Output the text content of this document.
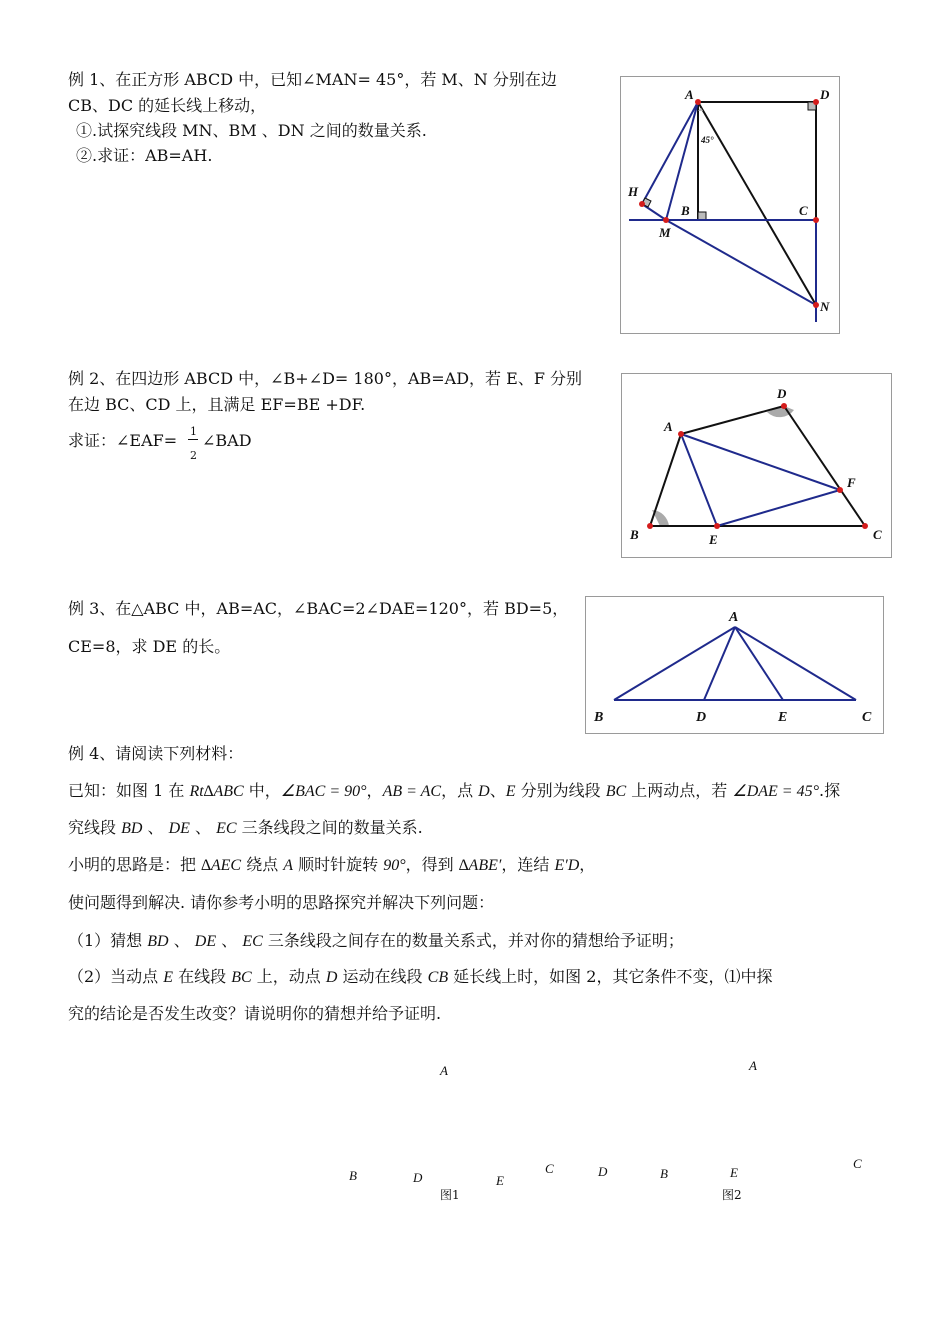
例 1、在正方形 ABCD 中，已知∠MAN= 45°，若 M、N 分别在边
CB、DC 的延长线上移动，
①.试探究线段 MN、BM 、DN 之间的数量关系.
②.求证：AB=AH.
A	D
H
B	C
M
N
45°
例 2、在四边形 ABCD 中，∠B+∠D= 180°，AB=AD，若 E、F 分别
在边 BC、CD 上，且满足 EF=BE +DF.
求证：∠EAF= 1
2
∠BAD
A
B	C
D
E
F
例 3、在△ABC 中，AB=AC，∠BAC=2∠DAE=120°，若 BD=5，
CE=8，求 DE 的长。
A
B	D	E	C
例 4、请阅读下列材料：
已知：如图 1 在 Rt∆ABC 中，∠BAC = 90°，AB = AC，点 D、E 分别为线段 BC 上两动点，若 ∠DAE = 45°.探
究线段 BD 、 DE 、 EC 三条线段之间的数量关系.
小明的思路是：把 ∆AEC 绕点 A 顺时针旋转 90°，得到 ∆ABE′，连结 E′D，
使问题得到解决. 请你参考小明的思路探究并解决下列问题：
（1）猜想 BD 、 DE 、 EC 三条线段之间存在的数量关系式，并对你的猜想给予证明；
（2）当动点 E 在线段 BC 上，动点 D 运动在线段 CB 延长线上时，如图 2，其它条件不变，⑴中探
究的结论是否发生改变？请说明你的猜想并给予证明.
A
B	D	E
C
图1
A
D	B	E
C
图2
